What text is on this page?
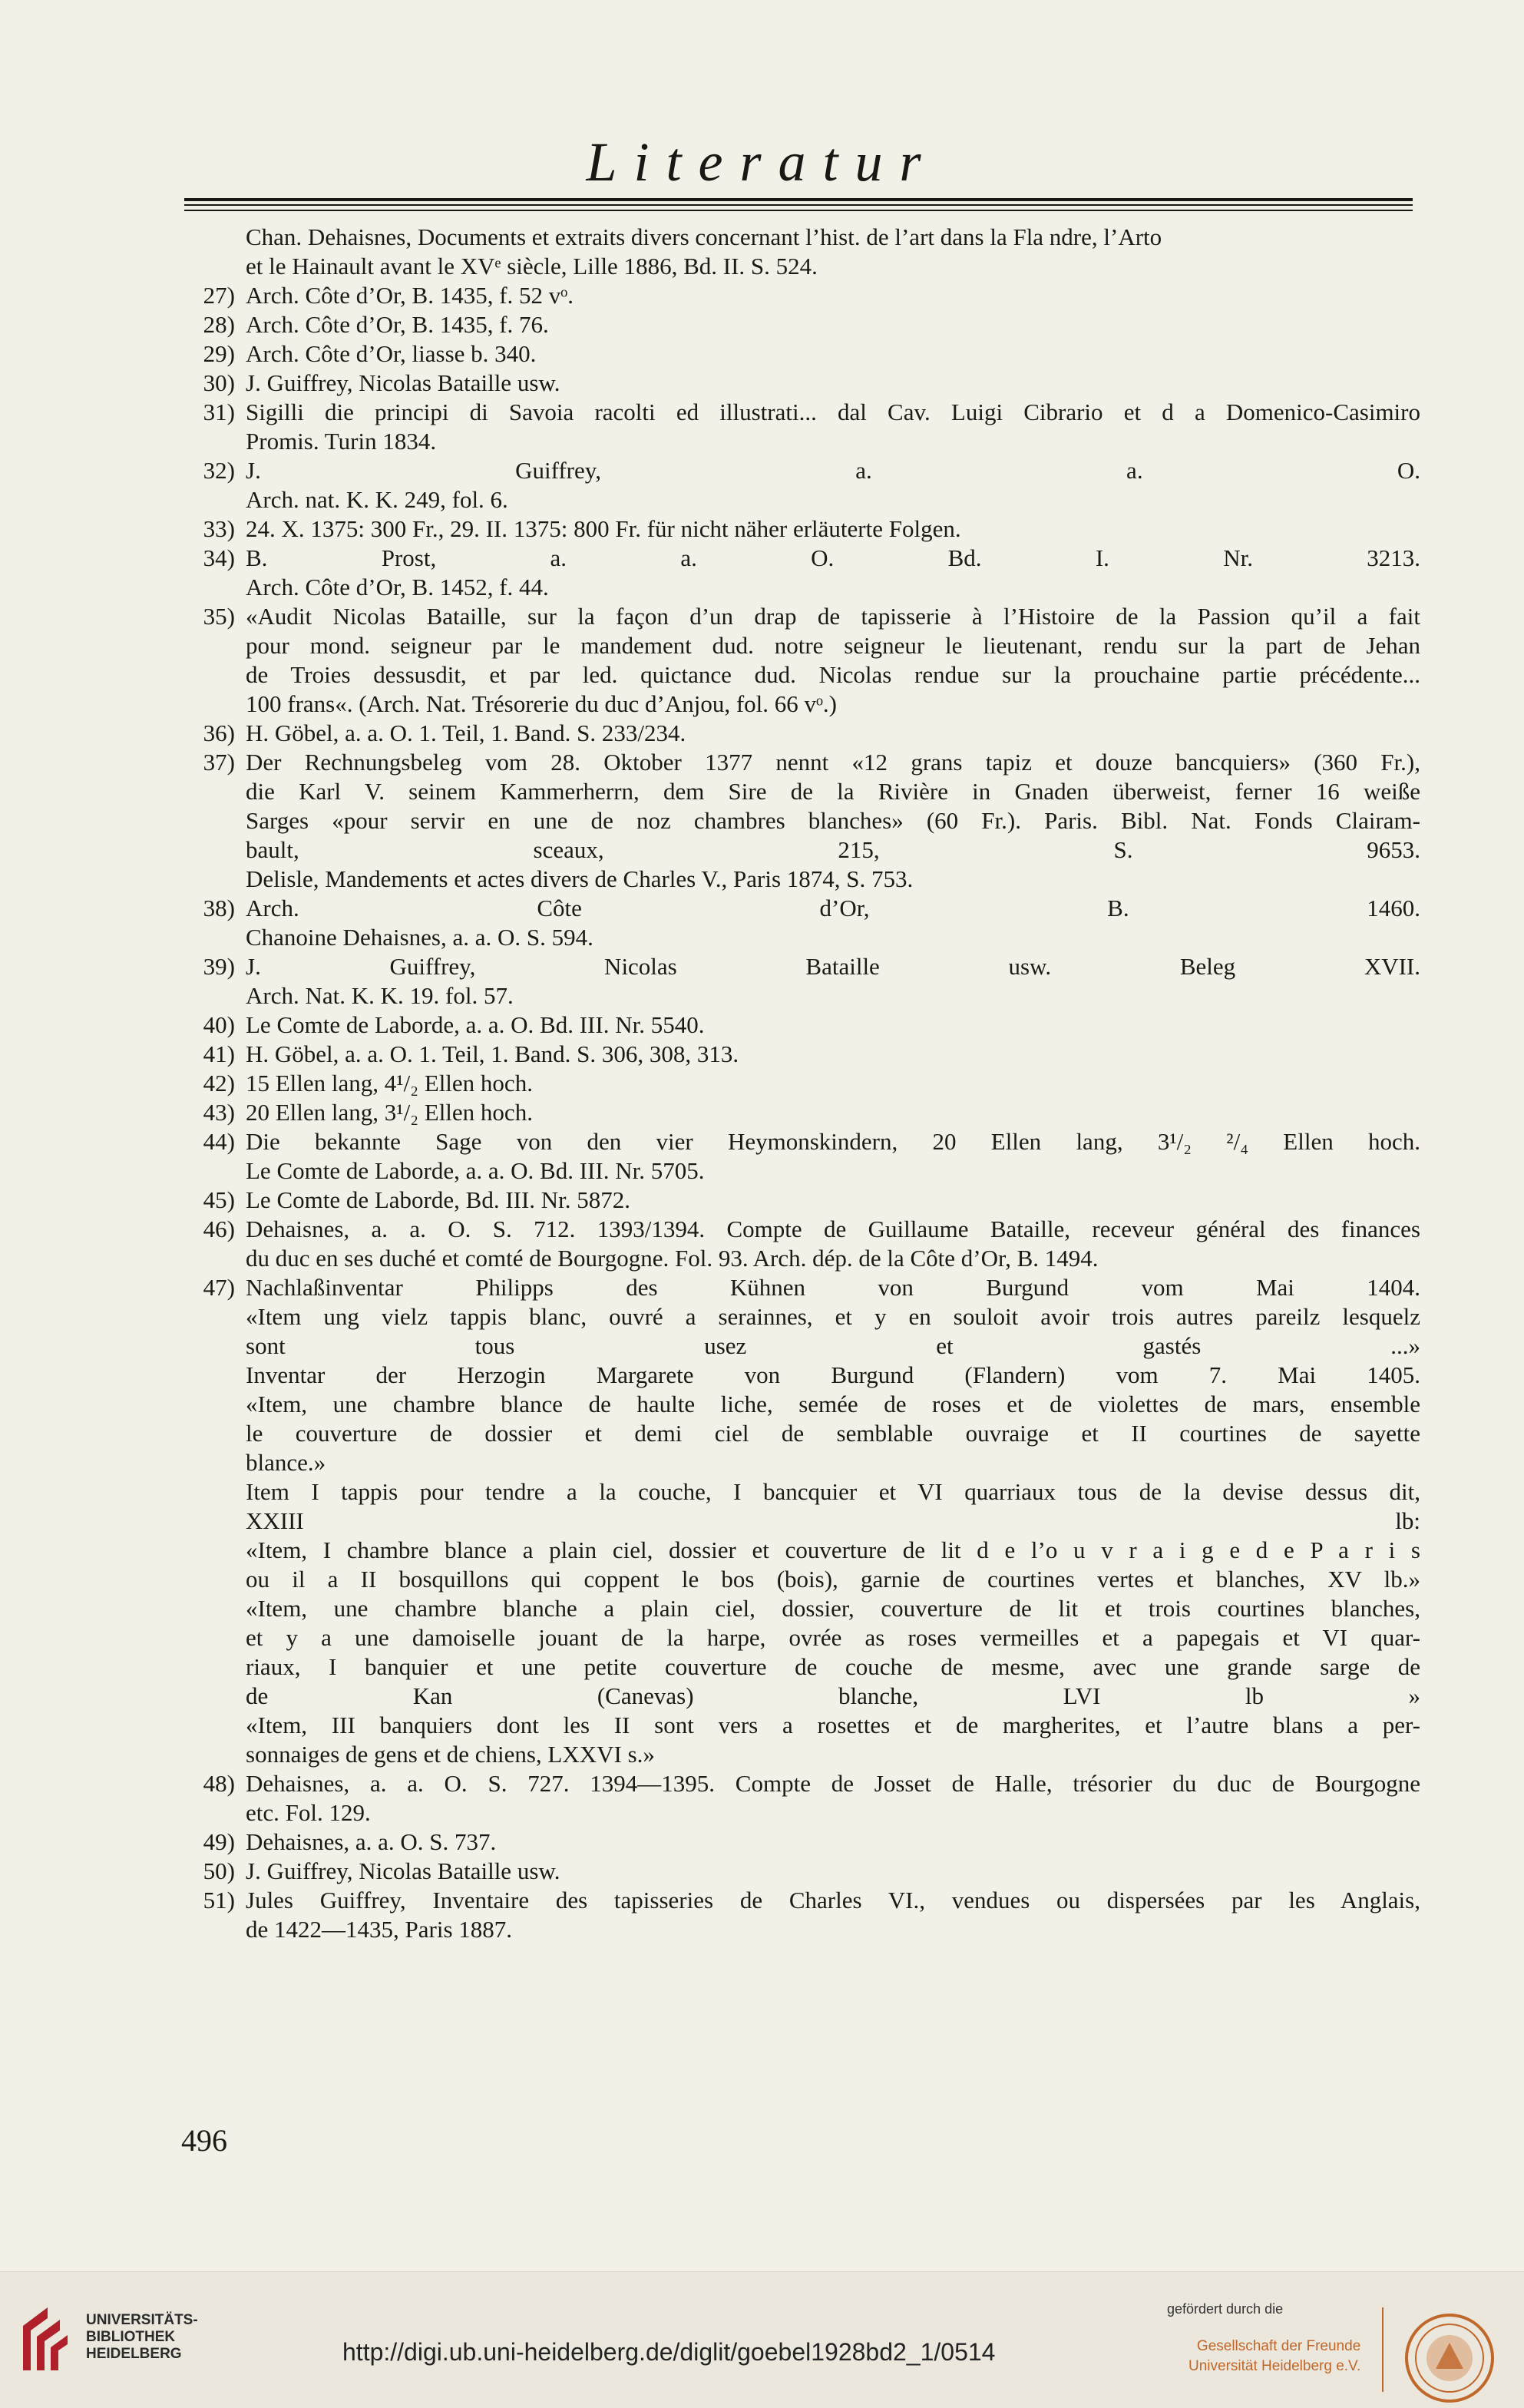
Literatur
Chan. Dehaisnes, Documents et extraits divers concernant l’hist. de l’art dans la Fla ndre, l’Arto
et le Hainault avant le XVᵉ siècle, Lille 1886, Bd. II. S. 524.
27) Arch. Côte d’Or, B. 1435, f. 52 vᵒ.
28) Arch. Côte d’Or, B. 1435, f. 76.
29) Arch. Côte d’Or, liasse b. 340.
30) J. Guiffrey, Nicolas Bataille usw.
31) Sigilli die principi di Savoia racolti ed illustrati... dal Cav. Luigi Cibrario et d a Domenico-Casimiro
Promis. Turin 1834.
32) J. Guiffrey, a. a. O.
Arch. nat. K. K. 249, fol. 6.
33) 24. X. 1375: 300 Fr., 29. II. 1375: 800 Fr. für nicht näher erläuterte Folgen.
34) B. Prost, a. a. O. Bd. I. Nr. 3213.
Arch. Côte d’Or, B. 1452, f. 44.
35) «Audit Nicolas Bataille, sur la façon d’un drap de tapisserie à l’Histoire de la Passion qu’il a fait
pour mond. seigneur par le mandement dud. notre seigneur le lieutenant, rendu sur la part de Jehan
de Troies dessusdit, et par led. quictance dud. Nicolas rendue sur la prouchaine partie précédente...
100 frans«. (Arch. Nat. Trésorerie du duc d’Anjou, fol. 66 vᵒ.)
36) H. Göbel, a. a. O. 1. Teil, 1. Band. S. 233/234.
37) Der Rechnungsbeleg vom 28. Oktober 1377 nennt «12 grans tapiz et douze bancquiers» (360 Fr.),
die Karl V. seinem Kammerherrn, dem Sire de la Rivière in Gnaden überweist, ferner 16 weiße
Sarges «pour servir en une de noz chambres blanches» (60 Fr.). Paris. Bibl. Nat. Fonds Clairam-
bault, sceaux, 215, S. 9653.
Delisle, Mandements et actes divers de Charles V., Paris 1874, S. 753.
38) Arch. Côte d’Or, B. 1460.
Chanoine Dehaisnes, a. a. O. S. 594.
39) J. Guiffrey, Nicolas Bataille usw. Beleg XVII.
Arch. Nat. K. K. 19. fol. 57.
40) Le Comte de Laborde, a. a. O. Bd. III. Nr. 5540.
41) H. Göbel, a. a. O. 1. Teil, 1. Band. S. 306, 308, 313.
42) 15 Ellen lang, 4¹/₂ Ellen hoch.
43) 20 Ellen lang, 3¹/₂ Ellen hoch.
44) Die bekannte Sage von den vier Heymonskindern, 20 Ellen lang, 3¹/₂ ²/₄ Ellen hoch.
Le Comte de Laborde, a. a. O. Bd. III. Nr. 5705.
45) Le Comte de Laborde, Bd. III. Nr. 5872.
46) Dehaisnes, a. a. O. S. 712. 1393/1394. Compte de Guillaume Bataille, receveur général des finances
du duc en ses duché et comté de Bourgogne. Fol. 93. Arch. dép. de la Côte d’Or, B. 1494.
47) Nachlaßinventar Philipps des Kühnen von Burgund vom Mai 1404.
«Item ung vielz tappis blanc, ouvré a serainnes, et y en souloit avoir trois autres pareilz lesquelz
sont tous usez et gastés ...»
Inventar der Herzogin Margarete von Burgund (Flandern) vom 7. Mai 1405.
«Item, une chambre blance de haulte liche, semée de roses et de violettes de mars, ensemble
le couverture de dossier et demi ciel de semblable ouvraige et II courtines de sayette
blance.»
Item I tappis pour tendre a la couche, I bancquier et VI quarriaux tous de la devise dessus dit,
XXIII lb:
«Item, I chambre blance a plain ciel, dossier et couverture de lit d e l’o u v r a i g e d e P a r i s
ou il a II bosquillons qui coppent le bos (bois), garnie de courtines vertes et blanches, XV lb.»
«Item, une chambre blanche a plain ciel, dossier, couverture de lit et trois courtines blanches,
et y a une damoiselle jouant de la harpe, ovrée as roses vermeilles et a papegais et VI quar-
riaux, I banquier et une petite couverture de couche de mesme, avec une grande sarge de
de Kan (Canevas) blanche, LVI lb »
«Item, III banquiers dont les II sont vers a rosettes et de margherites, et l’autre blans a per-
sonnaiges de gens et de chiens, LXXVI s.»
48) Dehaisnes, a. a. O. S. 727. 1394—1395. Compte de Josset de Halle, trésorier du duc de Bourgogne
etc. Fol. 129.
49) Dehaisnes, a. a. O. S. 737.
50) J. Guiffrey, Nicolas Bataille usw.
51) Jules Guiffrey, Inventaire des tapisseries de Charles VI., vendues ou dispersées par les Anglais,
de 1422—1435, Paris 1887.
496
UNIVERSITÄTS-
BIBLIOTHEK
HEIDELBERG	http://digi.ub.uni-heidelberg.de/diglit/goebel1928bd2_1/0514
gefördert durch die
Gesellschaft der Freunde
Universität Heidelberg e.V.
